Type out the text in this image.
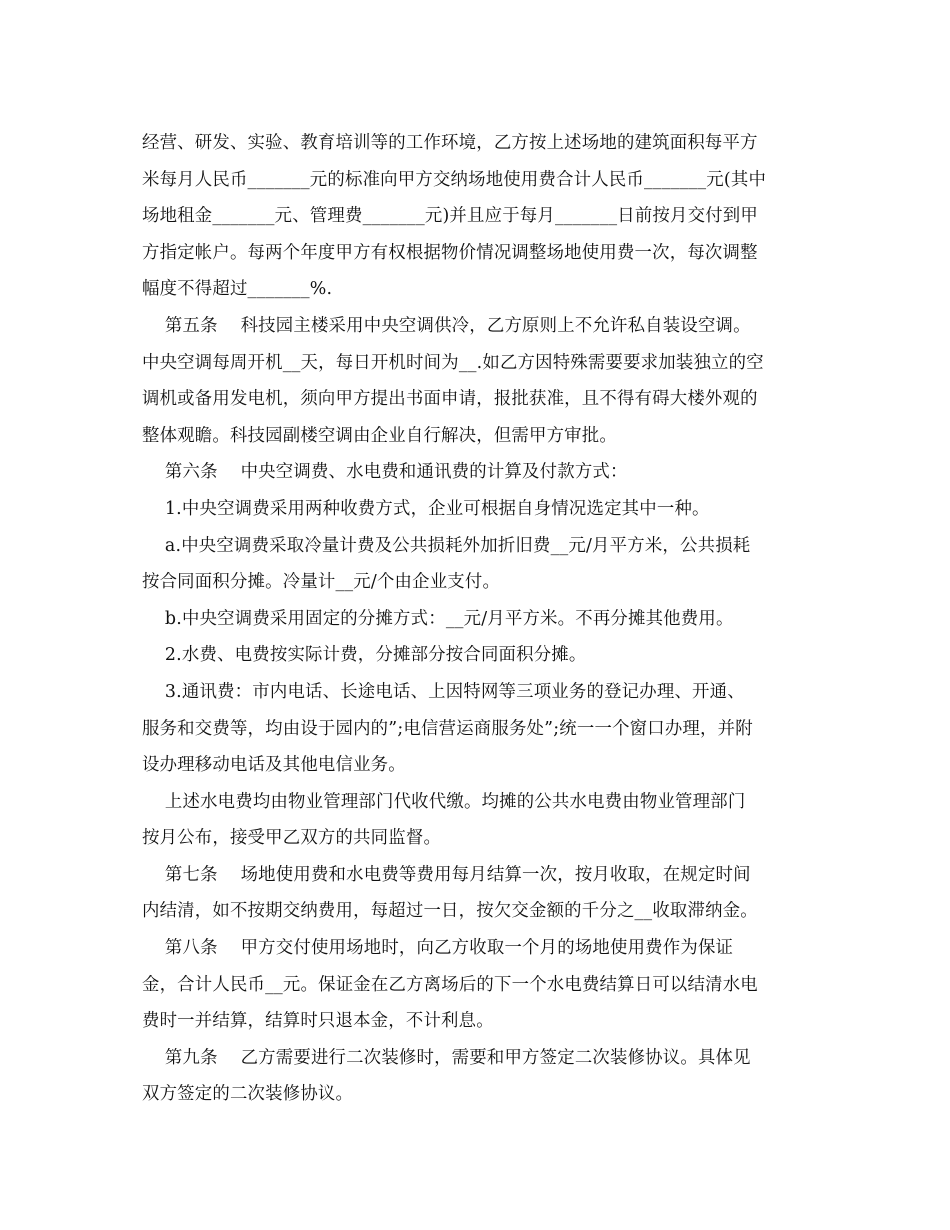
经营、研发、实验、教育培训等的工作环境，乙方按上述场地的建筑面积每平方
米每月人民币_______元的标准向甲方交纳场地使用费合计人民币_______元(其中
场地租金_______元、管理费_______元)并且应于每月_______日前按月交付到甲
方指定帐户。每两个年度甲方有权根据物价情况调整场地使用费一次，每次调整
幅度不得超过_______%.
第五条    科技园主楼采用中央空调供冷，乙方原则上不允许私自装设空调。
中央空调每周开机__天，每日开机时间为__.如乙方因特殊需要要求加装独立的空
调机或备用发电机，须向甲方提出书面申请，报批获准，且不得有碍大楼外观的
整体观瞻。科技园副楼空调由企业自行解决，但需甲方审批。
第六条    中央空调费、水电费和通讯费的计算及付款方式：
1.中央空调费采用两种收费方式，企业可根据自身情况选定其中一种。
a.中央空调费采取冷量计费及公共损耗外加折旧费__元/月平方米，公共损耗
按合同面积分摊。冷量计__元/个由企业支付。
b.中央空调费采用固定的分摊方式：__元/月平方米。不再分摊其他费用。
2.水费、电费按实际计费，分摊部分按合同面积分摊。
3.通讯费：市内电话、长途电话、上因特网等三项业务的登记办理、开通、
服务和交费等，均由设于园内的”;电信营运商服务处”;统一一个窗口办理，并附
设办理移动电话及其他电信业务。
上述水电费均由物业管理部门代收代缴。均摊的公共水电费由物业管理部门
按月公布，接受甲乙双方的共同监督。
第七条    场地使用费和水电费等费用每月结算一次，按月收取，在规定时间
内结清，如不按期交纳费用，每超过一日，按欠交金额的千分之__收取滞纳金。
第八条    甲方交付使用场地时，向乙方收取一个月的场地使用费作为保证
金，合计人民币__元。保证金在乙方离场后的下一个水电费结算日可以结清水电
费时一并结算，结算时只退本金，不计利息。
第九条    乙方需要进行二次装修时，需要和甲方签定二次装修协议。具体见
双方签定的二次装修协议。
